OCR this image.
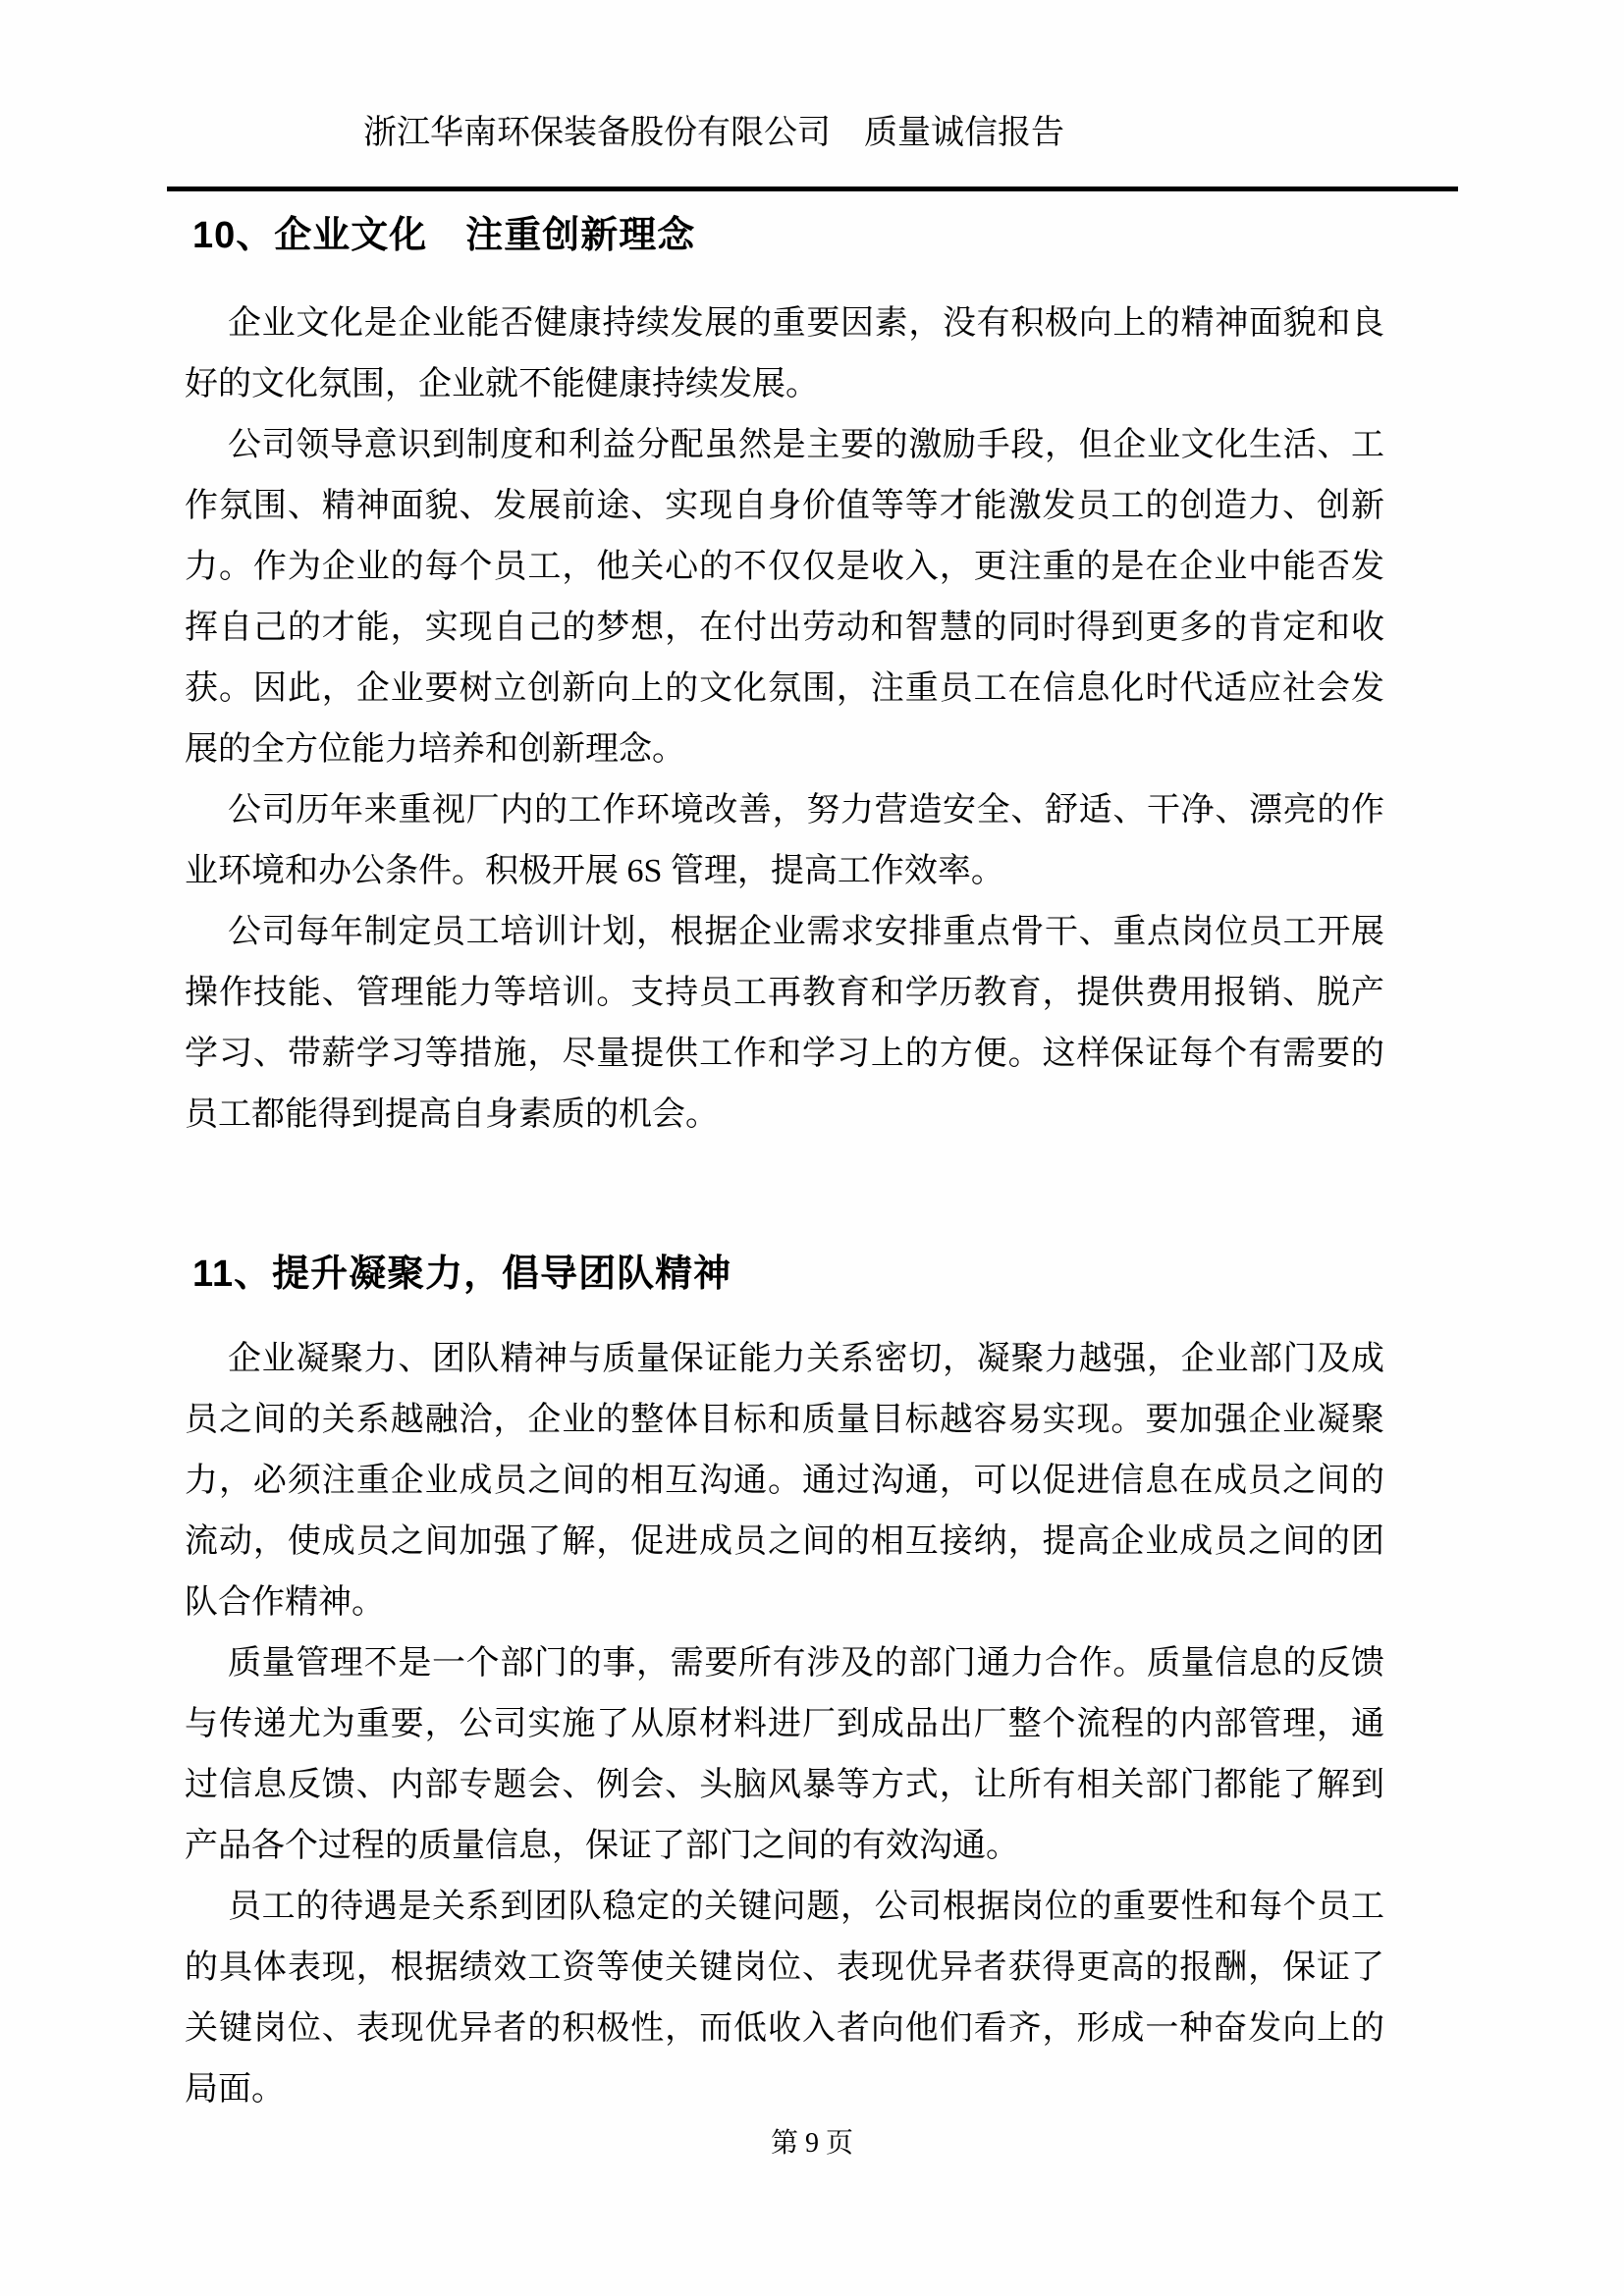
浙江华南环保装备股份有限公司　质量诚信报告
10、企业文化　注重创新理念

企业文化是企业能否健康持续发展的重要因素，没有积极向上的精神面貌和良好的文化氛围，企业就不能健康持续发展。

公司领导意识到制度和利益分配虽然是主要的激励手段，但企业文化生活、工作氛围、精神面貌、发展前途、实现自身价值等等才能激发员工的创造力、创新力。作为企业的每个员工，他关心的不仅仅是收入，更注重的是在企业中能否发挥自己的才能，实现自己的梦想，在付出劳动和智慧的同时得到更多的肯定和收获。因此，企业要树立创新向上的文化氛围，注重员工在信息化时代适应社会发展的全方位能力培养和创新理念。

公司历年来重视厂内的工作环境改善，努力营造安全、舒适、干净、漂亮的作业环境和办公条件。积极开展 6S 管理，提高工作效率。

公司每年制定员工培训计划，根据企业需求安排重点骨干、重点岗位员工开展操作技能、管理能力等培训。支持员工再教育和学历教育，提供费用报销、脱产学习、带薪学习等措施，尽量提供工作和学习上的方便。这样保证每个有需要的员工都能得到提高自身素质的机会。

11、提升凝聚力，倡导团队精神

企业凝聚力、团队精神与质量保证能力关系密切，凝聚力越强，企业部门及成员之间的关系越融洽，企业的整体目标和质量目标越容易实现。要加强企业凝聚力，必须注重企业成员之间的相互沟通。通过沟通，可以促进信息在成员之间的流动，使成员之间加强了解，促进成员之间的相互接纳，提高企业成员之间的团队合作精神。

质量管理不是一个部门的事，需要所有涉及的部门通力合作。质量信息的反馈与传递尤为重要，公司实施了从原材料进厂到成品出厂整个流程的内部管理，通过信息反馈、内部专题会、例会、头脑风暴等方式，让所有相关部门都能了解到产品各个过程的质量信息，保证了部门之间的有效沟通。

员工的待遇是关系到团队稳定的关键问题，公司根据岗位的重要性和每个员工的具体表现，根据绩效工资等使关键岗位、表现优异者获得更高的报酬，保证了关键岗位、表现优异者的积极性，而低收入者向他们看齐，形成一种奋发向上的局面。

第 9 页
